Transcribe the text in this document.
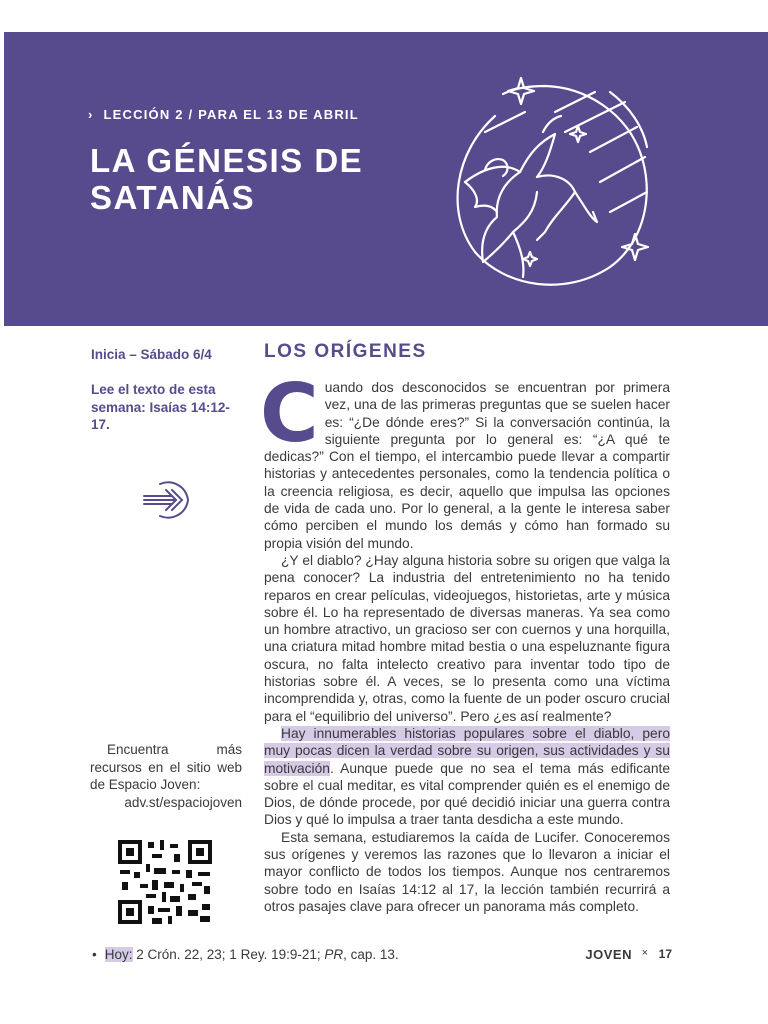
› LECCIÓN 2 / PARA EL 13 DE ABRIL
LA GÉNESIS DE SATANÁS
Inicia – Sábado 6/4
Lee el texto de esta semana: Isaías 14:12-17.
Encuentra más recursos en el sitio web de Espacio Joven:
adv.st/espaciojoven
LOS ORÍGENES

Cuando dos desconocidos se encuentran por primera vez, una de las primeras preguntas que se suelen hacer es: “¿De dónde eres?” Si la conversación continúa, la siguiente pregunta por lo general es: “¿A qué te dedicas?” Con el tiempo, el intercambio puede llevar a compartir historias y antecedentes personales, como la tendencia política o la creencia religiosa, es decir, aquello que impulsa las opciones de vida de cada uno. Por lo general, a la gente le interesa saber cómo perciben el mundo los demás y cómo han formado su propia visión del mundo.

¿Y el diablo? ¿Hay alguna historia sobre su origen que valga la pena conocer? La industria del entretenimiento no ha tenido reparos en crear películas, videojuegos, historietas, arte y música sobre él. Lo ha representado de diversas maneras. Ya sea como un hombre atractivo, un gracioso ser con cuernos y una horquilla, una criatura mitad hombre mitad bestia o una espeluznante figura oscura, no falta intelecto creativo para inventar todo tipo de historias sobre él. A veces, se lo presenta como una víctima incomprendida y, otras, como la fuente de un poder oscuro crucial para el “equilibrio del universo”. Pero ¿es así realmente?

Hay innumerables historias populares sobre el diablo, pero muy pocas dicen la verdad sobre su origen, sus actividades y su motivación. Aunque puede que no sea el tema más edificante sobre el cual meditar, es vital comprender quién es el enemigo de Dios, de dónde procede, por qué decidió iniciar una guerra contra Dios y qué lo impulsa a traer tanta desdicha a este mundo.

Esta semana, estudiaremos la caída de Lucifer. Conoceremos sus orígenes y veremos las razones que lo llevaron a iniciar el mayor conflicto de todos los tiempos. Aunque nos centraremos sobre todo en Isaías 14:12 al 17, la lección también recurrirá a otros pasajes clave para ofrecer un panorama más completo.

• Hoy: 2 Crón. 22, 23; 1 Rey. 19:9-21; PR, cap. 13.	JOVEN × 17
